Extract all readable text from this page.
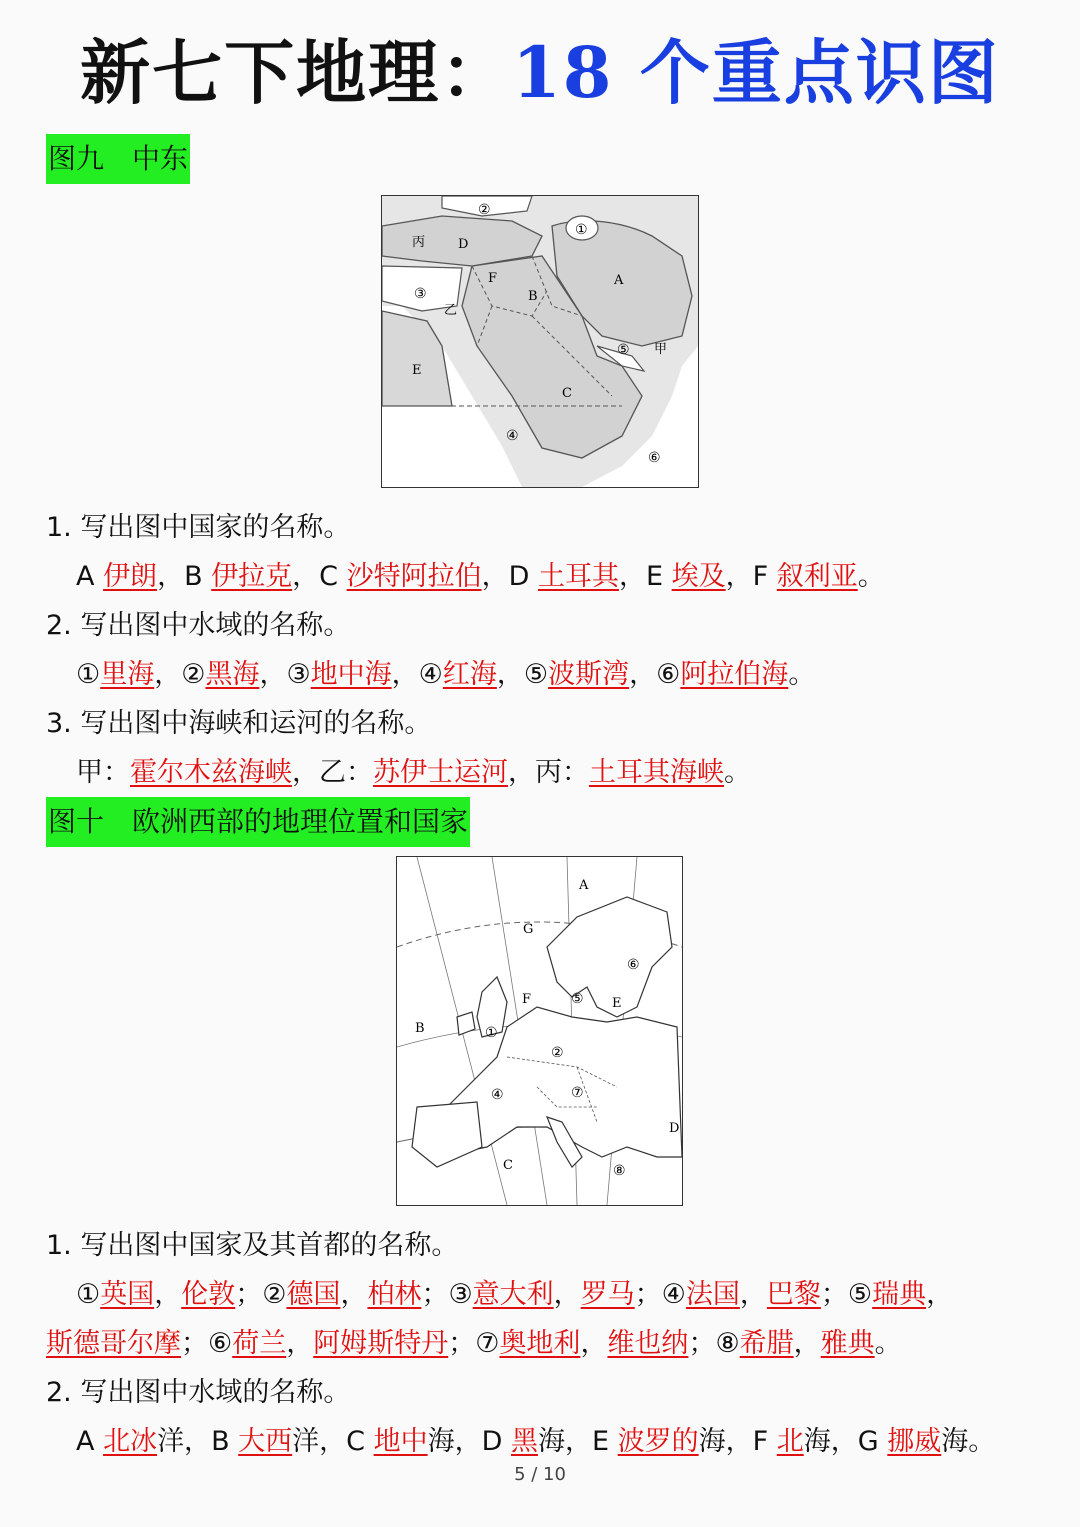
新七下地理：18 个重点识图
图九　中东
A
B
C
D
E
F
甲
乙
丙
①
②
③
④
⑤
⑥
1. 写出图中国家的名称。
A 伊朗，B 伊拉克，C 沙特阿拉伯，D 土耳其，E 埃及，F 叙利亚。
2. 写出图中水域的名称。
①里海，②黑海，③地中海，④红海，⑤波斯湾，⑥阿拉伯海。
3. 写出图中海峡和运河的名称。
甲：霍尔木兹海峡，乙：苏伊士运河，丙：土耳其海峡。
图十　欧洲西部的地理位置和国家
A
B
C
D
E
F
G
①
②
④
⑤
⑥
⑦
⑧
1. 写出图中国家及其首都的名称。
①英国，伦敦；②德国，柏林；③意大利，罗马；④法国，巴黎；⑤瑞典，
斯德哥尔摩；⑥荷兰，阿姆斯特丹；⑦奥地利，维也纳；⑧希腊，雅典。
2. 写出图中水域的名称。
A 北冰洋，B 大西洋，C 地中海，D 黑海，E 波罗的海，F 北海，G 挪威海。
5 / 10
